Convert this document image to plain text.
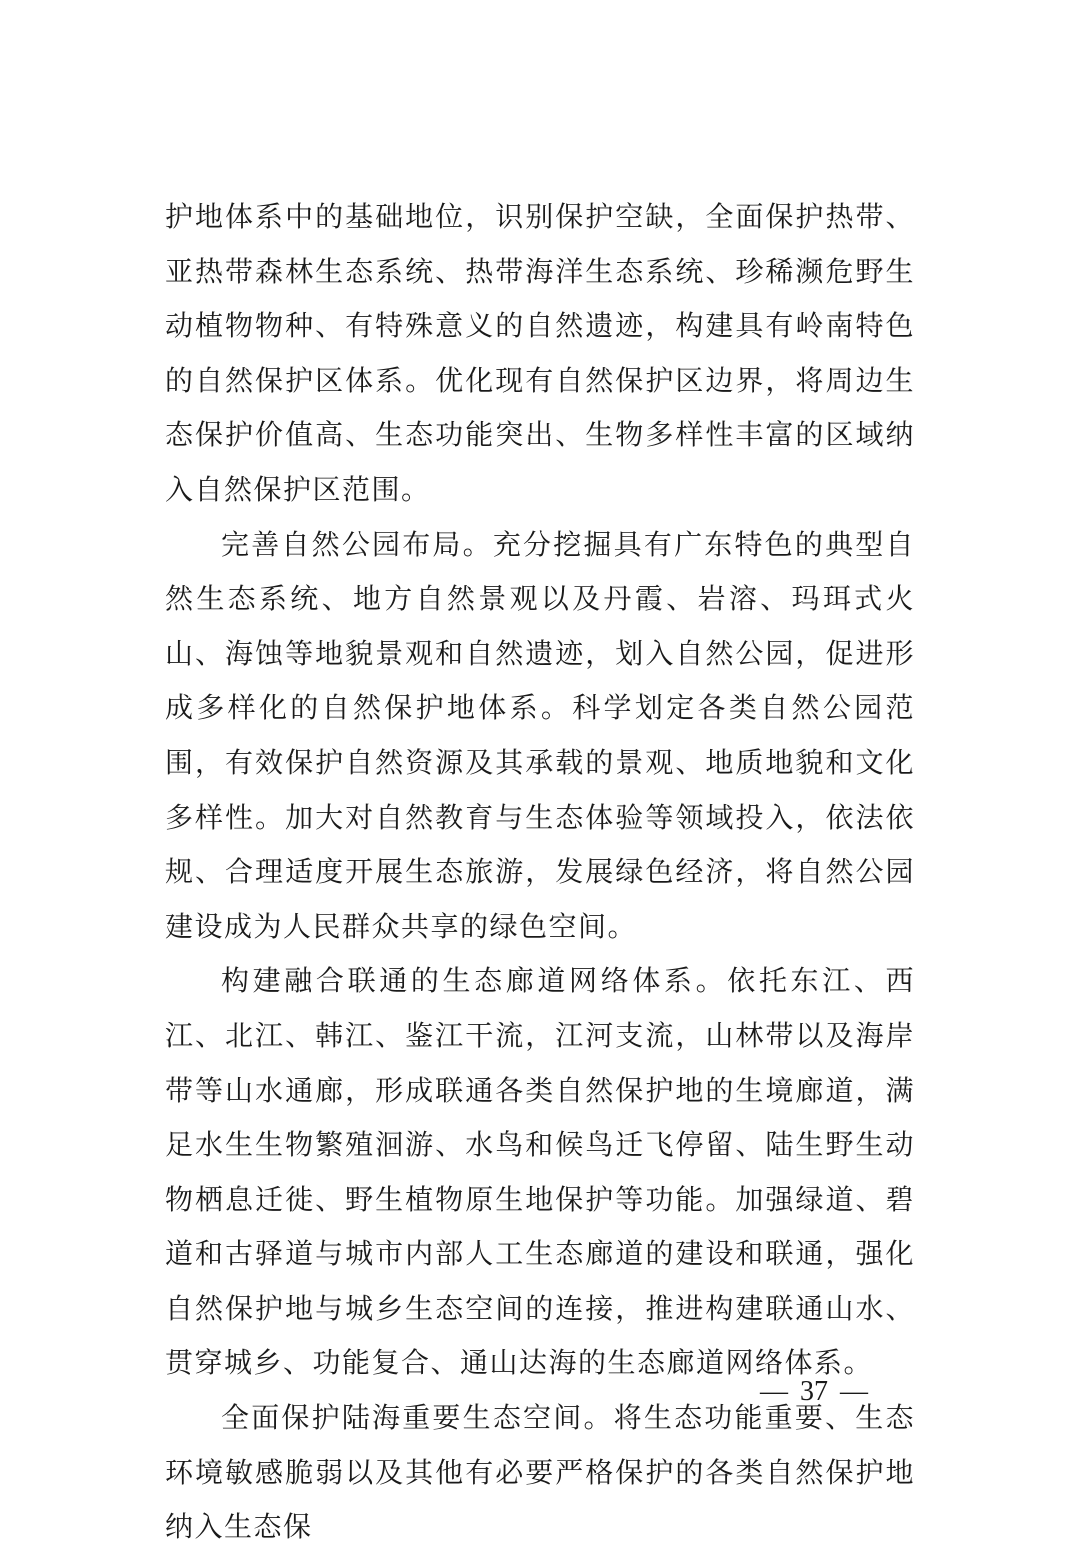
护地体系中的基础地位，识别保护空缺，全面保护热带、亚热带森林生态系统、热带海洋生态系统、珍稀濒危野生动植物物种、有特殊意义的自然遗迹，构建具有岭南特色的自然保护区体系。优化现有自然保护区边界，将周边生态保护价值高、生态功能突出、生物多样性丰富的区域纳入自然保护区范围。

完善自然公园布局。充分挖掘具有广东特色的典型自然生态系统、地方自然景观以及丹霞、岩溶、玛珥式火山、海蚀等地貌景观和自然遗迹，划入自然公园，促进形成多样化的自然保护地体系。科学划定各类自然公园范围，有效保护自然资源及其承载的景观、地质地貌和文化多样性。加大对自然教育与生态体验等领域投入，依法依规、合理适度开展生态旅游，发展绿色经济，将自然公园建设成为人民群众共享的绿色空间。

构建融合联通的生态廊道网络体系。依托东江、西江、北江、韩江、鉴江干流，江河支流，山林带以及海岸带等山水通廊，形成联通各类自然保护地的生境廊道，满足水生生物繁殖洄游、水鸟和候鸟迁飞停留、陆生野生动物栖息迁徙、野生植物原生地保护等功能。加强绿道、碧道和古驿道与城市内部人工生态廊道的建设和联通，强化自然保护地与城乡生态空间的连接，推进构建联通山水、贯穿城乡、功能复合、通山达海的生态廊道网络体系。

全面保护陆海重要生态空间。将生态功能重要、生态环境敏感脆弱以及其他有必要严格保护的各类自然保护地纳入生态保

— 37 —
